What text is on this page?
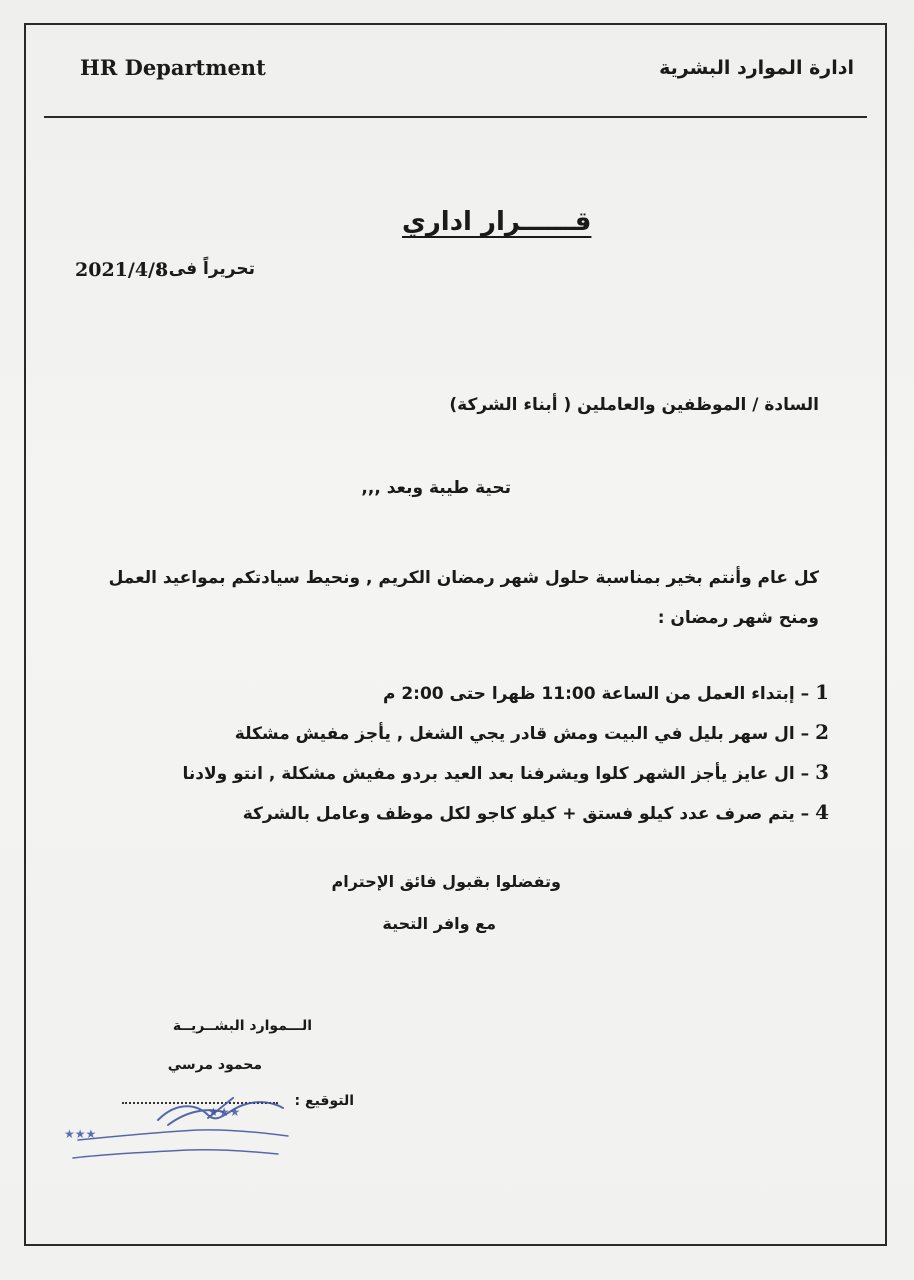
HR Department	ادارة الموارد البشرية
قــــــرار اداري
تحريراً فى :
2021/4/8
السادة / الموظفين والعاملين ( أبناء الشركة)
تحية طيبة وبعد ,,,
كل عام وأنتم بخير بمناسبة حلول شهر رمضان الكريم , ونحيط سيادتكم بمواعيد العمل ومنح شهر رمضان :
1 – إبتداء العمل من الساعة 11:00 ظهرا حتى 2:00 م
2 – ال سهر بليل في البيت ومش قادر يجي الشغل , يأجز مفيش مشكلة
3 – ال عايز يأجز الشهر كلوا ويشرفنا بعد العيد بردو مفيش مشكلة , انتو ولادنا
4 – يتم صرف عدد كيلو فستق + كيلو كاجو لكل موظف وعامل بالشركة
وتفضلوا بقبول فائق الإحترام
مع وافر التحية
الـــموارد البشــريــة
محمود مرسي
التوقيع :
★★★
★★★
